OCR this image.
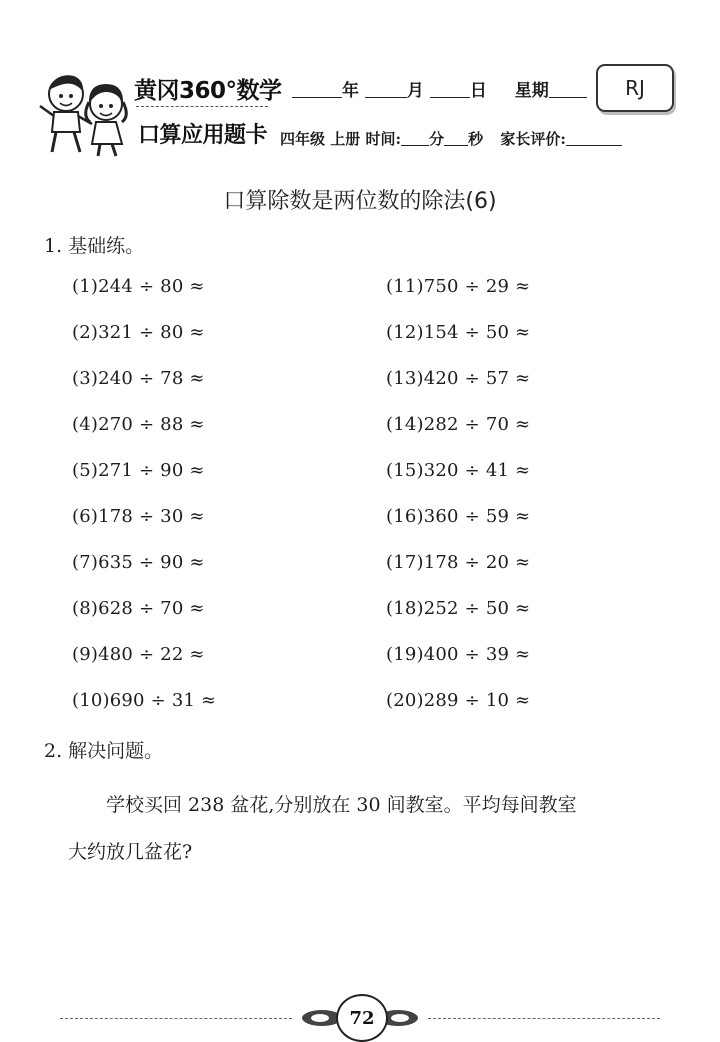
黄冈360°数学
口算应用题卡
年	月	日 星期	RJ
四年级 上册 时间: 分 秒 家长评价:
口算除数是两位数的除法(6)
1. 基础练。
(1)244 ÷ 80 ≈
(2)321 ÷ 80 ≈
(3)240 ÷ 78 ≈
(4)270 ÷ 88 ≈
(5)271 ÷ 90 ≈
(6)178 ÷ 30 ≈
(7)635 ÷ 90 ≈
(8)628 ÷ 70 ≈
(9)480 ÷ 22 ≈
(10)690 ÷ 31 ≈
(11)750 ÷ 29 ≈
(12)154 ÷ 50 ≈
(13)420 ÷ 57 ≈
(14)282 ÷ 70 ≈
(15)320 ÷ 41 ≈
(16)360 ÷ 59 ≈
(17)178 ÷ 20 ≈
(18)252 ÷ 50 ≈
(19)400 ÷ 39 ≈
(20)289 ÷ 10 ≈
2. 解决问题。
学校买回 238 盆花,分别放在 30 间教室。平均每间教室
大约放几盆花?
72
